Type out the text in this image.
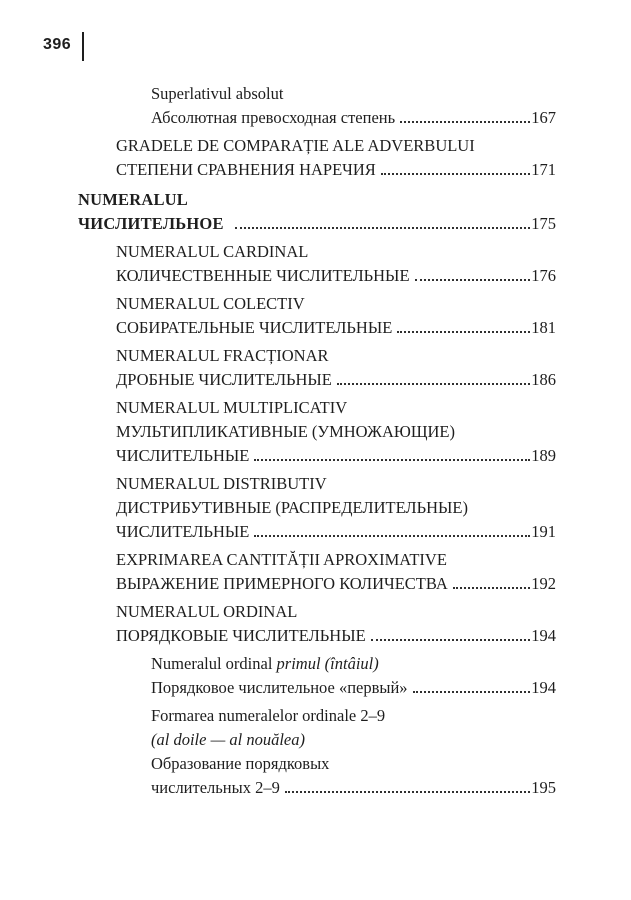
396
Superlativul absolut
Абсолютная превосходная степень	167
GRADELE DE COMPARAȚIE ALE ADVERBULUI
СТЕПЕНИ СРАВНЕНИЯ НАРЕЧИЯ	171
NUMERALUL
ЧИСЛИТЕЛЬНОЕ	175
NUMERALUL CARDINAL
КОЛИЧЕСТВЕННЫЕ ЧИСЛИТЕЛЬНЫЕ	176
NUMERALUL COLECTIV
СОБИРАТЕЛЬНЫЕ ЧИСЛИТЕЛЬНЫЕ	181
NUMERALUL FRACȚIONAR
ДРОБНЫЕ ЧИСЛИТЕЛЬНЫЕ	186
NUMERALUL MULTIPLICATIV
МУЛЬТИПЛИКАТИВНЫЕ (УМНОЖАЮЩИЕ)
ЧИСЛИТЕЛЬНЫЕ	189
NUMERALUL DISTRIBUTIV
ДИСТРИБУТИВНЫЕ (РАСПРЕДЕЛИТЕЛЬНЫЕ)
ЧИСЛИТЕЛЬНЫЕ	191
EXPRIMAREA CANTITĂȚII APROXIMATIVE
ВЫРАЖЕНИЕ ПРИМЕРНОГО КОЛИЧЕСТВА	192
NUMERALUL ORDINAL
ПОРЯДКОВЫЕ ЧИСЛИТЕЛЬНЫЕ	194
Numeralul ordinal primul (întâiul)
Порядковое числительное «первый»	194
Formarea numeralelor ordinale 2–9
(al doile — al nouălea)
Образование порядковых
числительных 2–9	195
